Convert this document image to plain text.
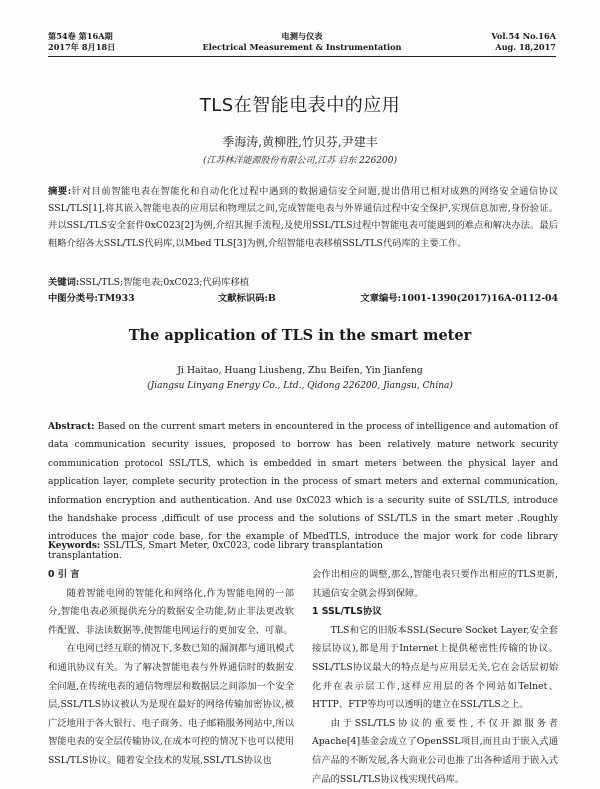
第54卷 第16A期
2017年 8月18日
电测与仪表
Electrical Measurement & Instrumentation
Vol.54 No.16A
Aug. 18,2017
TLS在智能电表中的应用
季海涛,黄柳胜,竹贝芬,尹建丰
(江苏林洋能源股份有限公司,江苏 启东 226200)
摘要:针对目前智能电表在智能化和自动化化过程中遇到的数据通信安全问题,提出借用已相对成熟的网络安全通信协议SSL/TLS[1],将其嵌入智能电表的应用层和物理层之间,完成智能电表与外界通信过程中安全保护,实现信息加密,身份验证。并以SSL/TLS安全套件0xC023[2]为例,介绍其握手流程,及使用SSL/TLS过程中智能电表可能遇到的难点和解决办法。最后粗略介绍各大SSL/TLS代码库,以Mbed TLS[3]为例,介绍智能电表移植SSL/TLS代码库的主要工作。
关键词:SSL/TLS;智能电表;0xC023;代码库移植
中图分类号:TM933	文献标识码:B	文章编号:1001-1390(2017)16A-0112-04
The application of TLS in the smart meter
Ji Haitao, Huang Liusheng, Zhu Beifen, Yin Jianfeng
(Jiangsu Linyang Energy Co., Ltd., Qidong 226200, Jiangsu, China)
Abstract: Based on the current smart meters in encountered in the process of intelligence and automation of data communication security issues, proposed to borrow has been relatively mature network security communication protocol SSL/TLS, which is embedded in smart meters between the physical layer and application layer, complete security protection in the process of smart meters and external communication, information encryption and authentication. And use 0xC023 which is a security suite of SSL/TLS, introduce the handshake process ,difficult of use process and the solutions of SSL/TLS in the smart meter .Roughly introduces the major code base, for the example of MbedTLS, introduce the major work for code library transplantation.
Keywords: SSL/TLS, Smart Meter, 0xC023, code library transplantation
0 引 言

随着智能电网的智能化和网络化,作为智能电网的一部分,智能电表必须提供充分的数据安全功能,防止非法更改软件配置、非法读数据等,使智能电网运行的更加安全、可靠。

在电网已经互联的情况下,多数已知的漏洞都与通讯模式和通讯协议有关。为了解决智能电表与外界通信时的数据安全问题,在传统电表的通信物理层和数据层之间添加一个安全层,SSL/TLS协议被认为是现在最好的网络传输加密协议,被广泛地用于各大银行、电子商务、电子邮箱服务网站中,所以智能电表的安全层传输协议,在成本可控的情况下也可以使用SSL/TLS协议。随着安全技术的发展,SSL/TLS协议也

会作出相应的调整,那么,智能电表只要作出相应的TLS更新,其通信安全就会得到保障。

1 SSL/TLS协议

TLS和它的旧版本SSL(Secure Socket Layer,安全套接层协议),都是用于Internet上提供秘密性传输的协议。SSL/TLS协议最大的特点是与应用层无关,它在会话层初始化并在表示层工作,这样应用层的各个网站如Telnet、HTTP、FTP等均可以透明的建立在SSL/TLS之上。

由于SSL/TLS协议的重要性,不仅开源服务者Apache[4]基金会成立了OpenSSL项目,而且由于嵌入式通信产品的不断发展,各大商业公司也推了出各种适用于嵌入式产品的SSL/TLS协议栈实现代码库。
